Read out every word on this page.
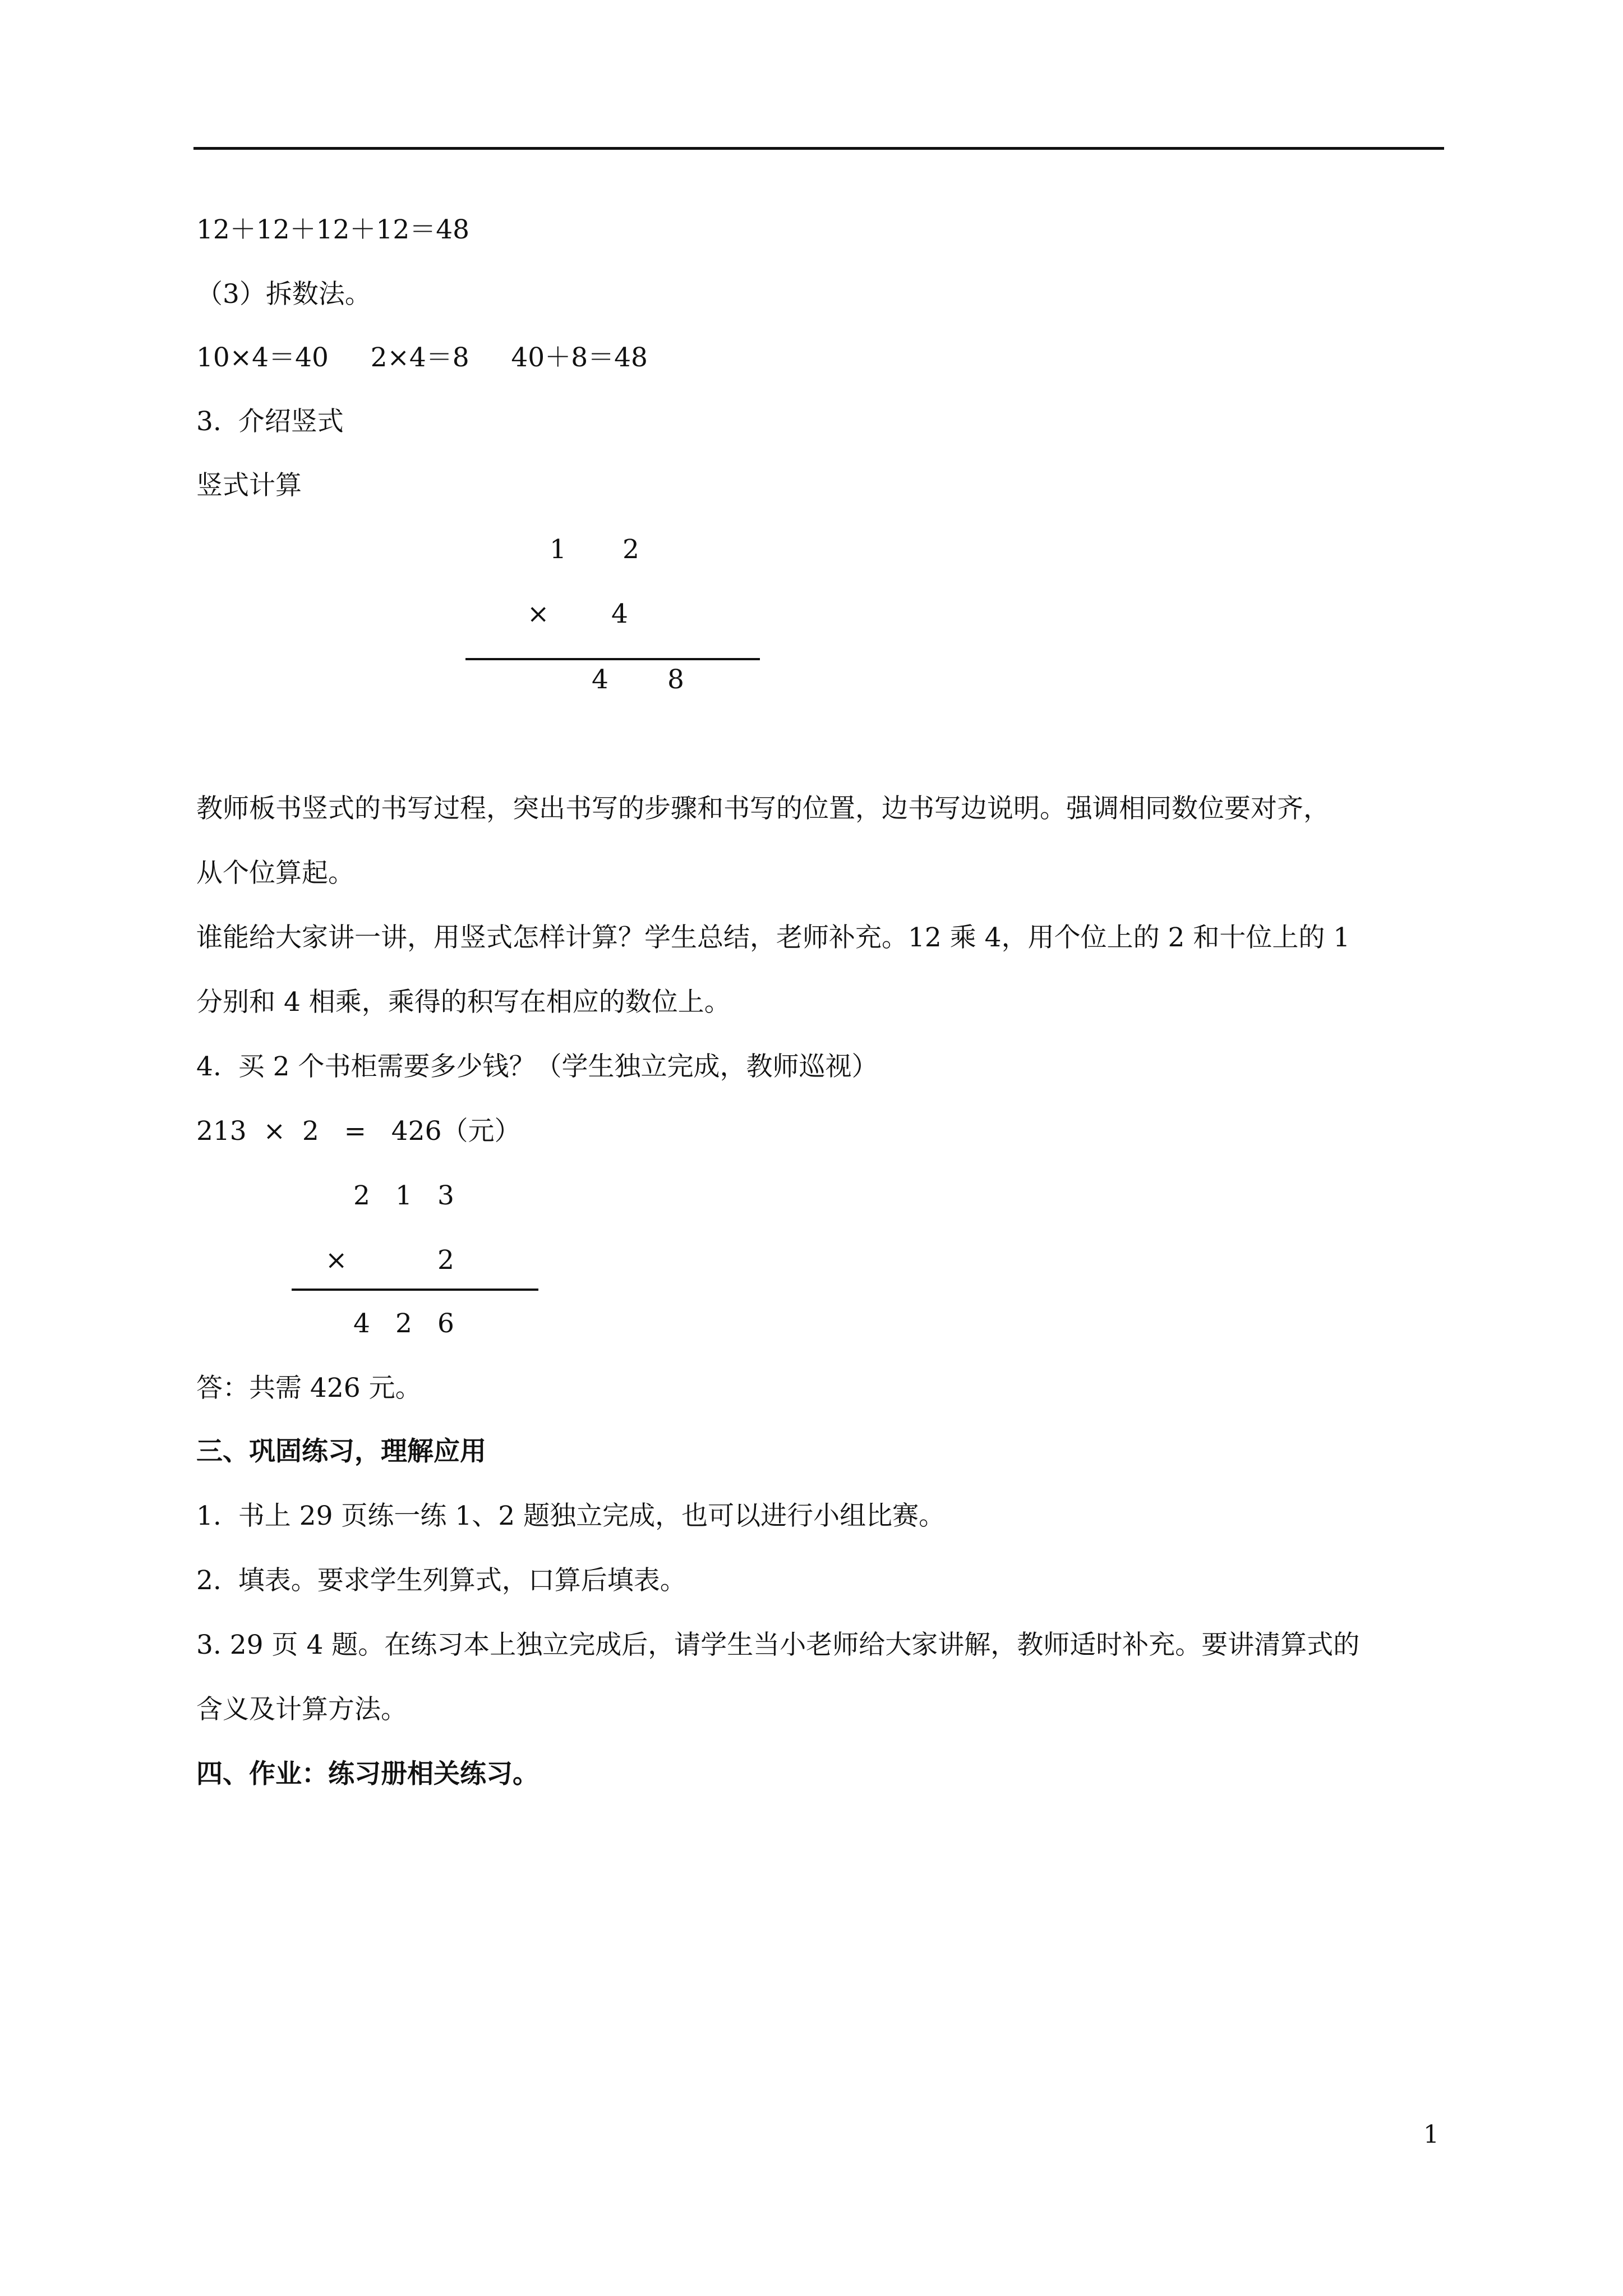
12＋12＋12＋12＝48
（3）拆数法。
10×4＝40     2×4＝8     40＋8＝48
3.  介绍竖式
竖式计算
1 2
× 4
4 8
教师板书竖式的书写过程，突出书写的步骤和书写的位置，边书写边说明。强调相同数位要对齐，
从个位算起。
谁能给大家讲一讲，用竖式怎样计算？学生总结，老师补充。12 乘 4，用个位上的 2 和十位上的 1
分别和 4 相乘，乘得的积写在相应的数位上。
4.  买 2 个书柜需要多少钱？（学生独立完成，教师巡视）
213  ×  2   =   426（元）
2 1 3
×	2
4 2 6
答：共需 426 元。
三、巩固练习，理解应用
1.  书上 29 页练一练 1、2 题独立完成，也可以进行小组比赛。
2.  填表。要求学生列算式，口算后填表。
3. 29 页 4 题。在练习本上独立完成后，请学生当小老师给大家讲解，教师适时补充。要讲清算式的
含义及计算方法。
四、作业：练习册相关练习。
1
